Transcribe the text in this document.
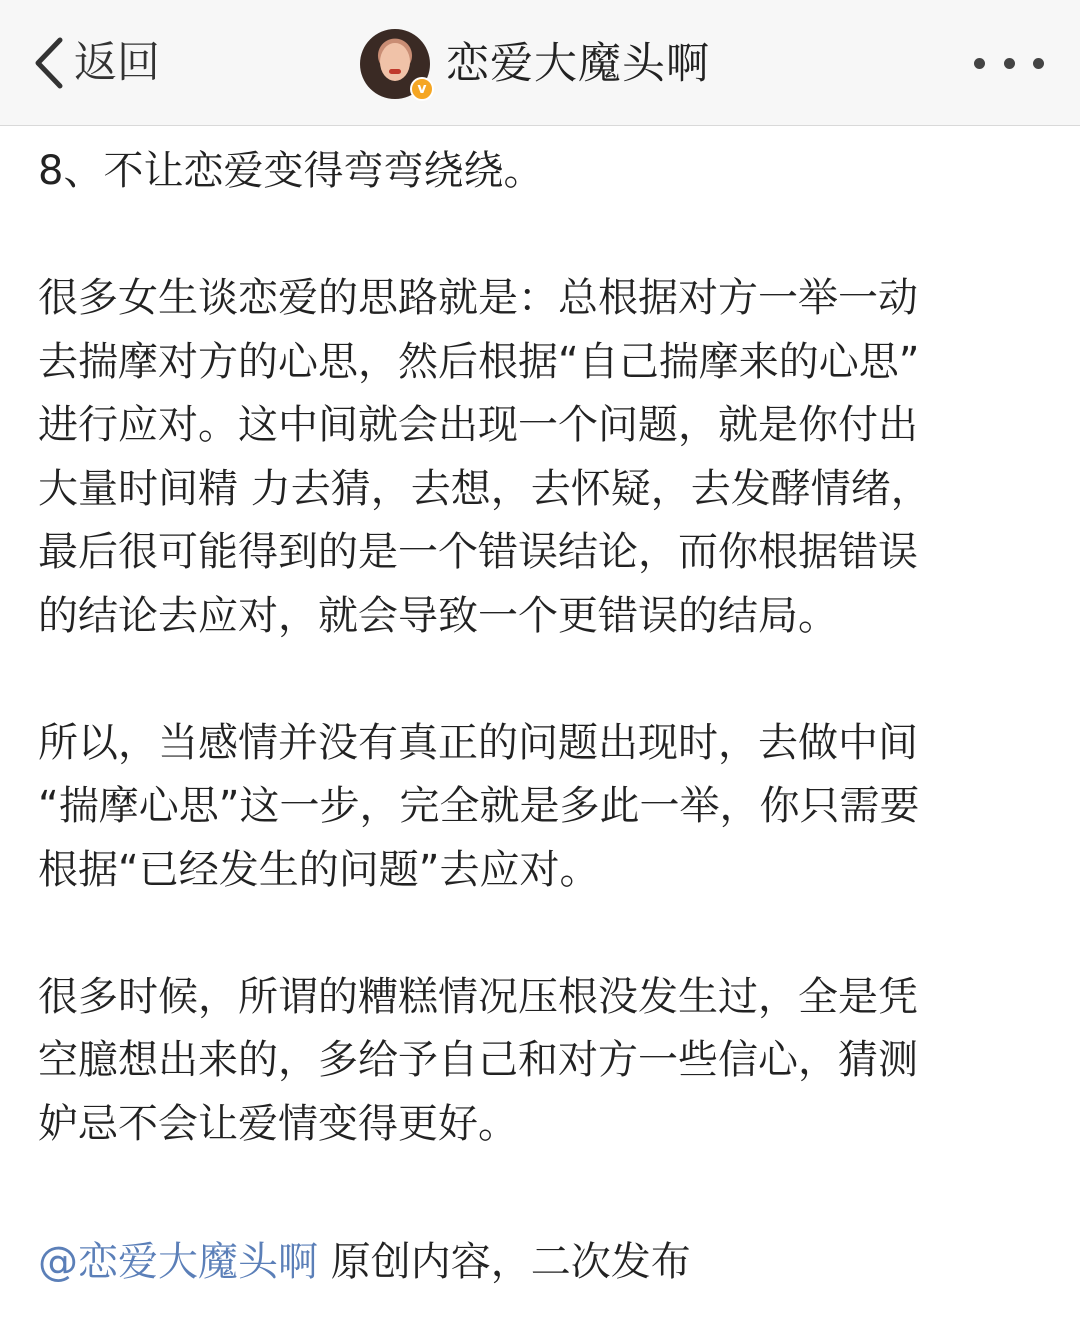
返回
v 恋爱大魔头啊

8、不让恋爱变得弯弯绕绕。

很多女生谈恋爱的思路就是：总根据对方一举一动
去揣摩对方的心思，然后根据“自己揣摩来的心思”
进行应对。这中间就会出现一个问题，就是你付出
大量时间精 力去猜，去想，去怀疑，去发酵情绪，
最后很可能得到的是一个错误结论，而你根据错误
的结论去应对，就会导致一个更错误的结局。

所以，当感情并没有真正的问题出现时，去做中间
“揣摩心思”这一步，完全就是多此一举，你只需要
根据“已经发生的问题”去应对。

很多时候，所谓的糟糕情况压根没发生过，全是凭
空臆想出来的，多给予自己和对方一些信心，猜测
妒忌不会让爱情变得更好。

@恋爱大魔头啊 原创内容，二次发布
